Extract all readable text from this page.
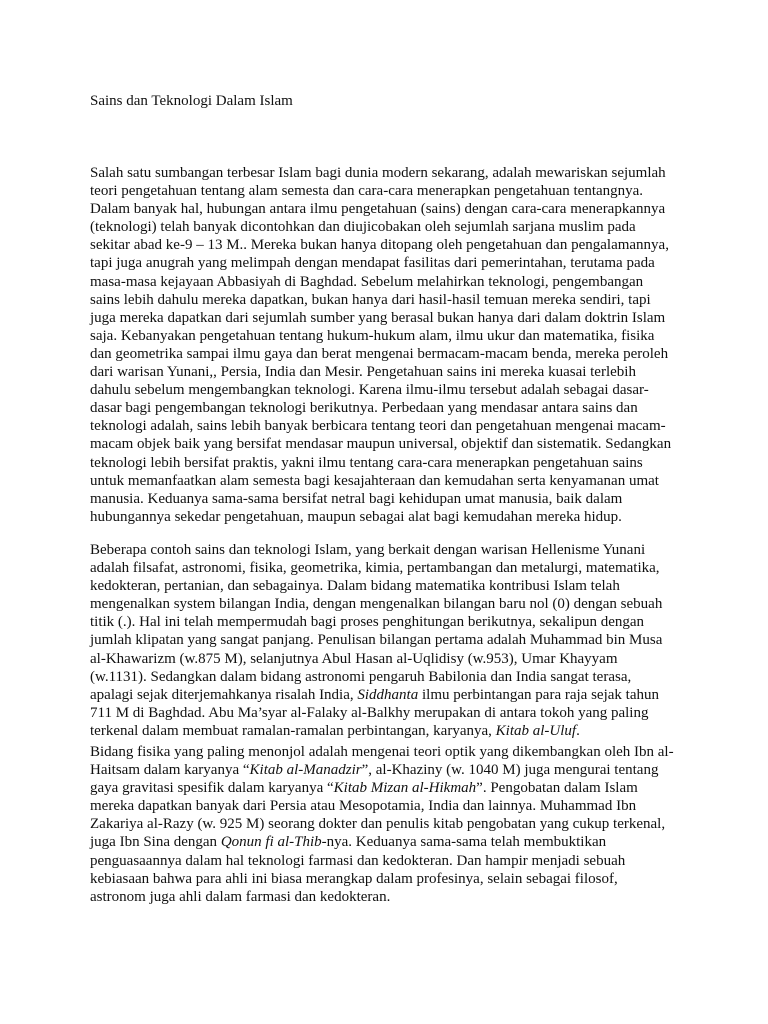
Sains dan Teknologi Dalam Islam
Salah satu sumbangan terbesar Islam bagi dunia modern sekarang, adalah mewariskan sejumlah
teori pengetahuan tentang alam semesta dan cara-cara menerapkan pengetahuan tentangnya.
Dalam banyak hal, hubungan antara ilmu pengetahuan (sains) dengan cara-cara menerapkannya
(teknologi) telah banyak dicontohkan dan diujicobakan oleh sejumlah sarjana muslim pada
sekitar abad ke-9 – 13 M.. Mereka bukan hanya ditopang oleh pengetahuan dan pengalamannya,
tapi juga anugrah yang melimpah dengan mendapat fasilitas dari pemerintahan, terutama pada
masa-masa kejayaan Abbasiyah di Baghdad. Sebelum melahirkan teknologi, pengembangan
sains lebih dahulu mereka dapatkan, bukan hanya dari hasil-hasil temuan mereka sendiri, tapi
juga mereka dapatkan dari sejumlah sumber yang berasal bukan hanya dari dalam doktrin Islam
saja. Kebanyakan pengetahuan tentang hukum-hukum alam, ilmu ukur dan matematika, fisika
dan geometrika sampai ilmu gaya dan berat mengenai bermacam-macam benda, mereka peroleh
dari warisan Yunani,, Persia, India dan Mesir. Pengetahuan sains ini mereka kuasai terlebih
dahulu sebelum mengembangkan teknologi. Karena ilmu-ilmu tersebut adalah sebagai dasar-
dasar bagi pengembangan teknologi berikutnya. Perbedaan yang mendasar antara sains dan
teknologi adalah, sains lebih banyak berbicara tentang teori dan pengetahuan mengenai macam-
macam objek baik yang bersifat mendasar maupun universal, objektif dan sistematik. Sedangkan
teknologi lebih bersifat praktis, yakni ilmu tentang cara-cara menerapkan pengetahuan sains
untuk memanfaatkan alam semesta bagi kesajahteraan dan kemudahan serta kenyamanan umat
manusia. Keduanya sama-sama bersifat netral bagi kehidupan umat manusia, baik dalam
hubungannya sekedar pengetahuan, maupun sebagai alat bagi kemudahan mereka hidup.
Beberapa contoh sains dan teknologi Islam, yang berkait dengan warisan Hellenisme Yunani
adalah filsafat, astronomi, fisika, geometrika, kimia, pertambangan dan metalurgi, matematika,
kedokteran, pertanian, dan sebagainya. Dalam bidang matematika kontribusi Islam telah
mengenalkan system bilangan India, dengan mengenalkan bilangan baru nol (0) dengan sebuah
titik (.). Hal ini telah mempermudah bagi proses penghitungan berikutnya, sekalipun dengan
jumlah klipatan yang sangat panjang. Penulisan bilangan pertama adalah Muhammad bin Musa
al-Khawarizm (w.875 M), selanjutnya Abul Hasan al-Uqlidisy (w.953), Umar Khayyam
(w.1131). Sedangkan dalam bidang astronomi pengaruh Babilonia dan India sangat terasa,
apalagi sejak diterjemahkanya risalah India, Siddhanta ilmu perbintangan para raja sejak tahun
711 M di Baghdad. Abu Ma’syar al-Falaky al-Balkhy merupakan di antara tokoh yang paling
terkenal dalam membuat ramalan-ramalan perbintangan, karyanya, Kitab al-Uluf.
Bidang fisika yang paling menonjol adalah mengenai teori optik yang dikembangkan oleh Ibn al-
Haitsam dalam karyanya “Kitab al-Manadzir”, al-Khaziny (w. 1040 M) juga mengurai tentang
gaya gravitasi spesifik dalam karyanya “Kitab Mizan al-Hikmah”. Pengobatan dalam Islam
mereka dapatkan banyak dari Persia atau Mesopotamia, India dan lainnya. Muhammad Ibn
Zakariya al-Razy (w. 925 M) seorang dokter dan penulis kitab pengobatan yang cukup terkenal,
juga Ibn Sina dengan Qonun fi al-Thib-nya. Keduanya sama-sama telah membuktikan
penguasaannya dalam hal teknologi farmasi dan kedokteran. Dan hampir menjadi sebuah
kebiasaan bahwa para ahli ini biasa merangkap dalam profesinya, selain sebagai filosof,
astronom juga ahli dalam farmasi dan kedokteran.
